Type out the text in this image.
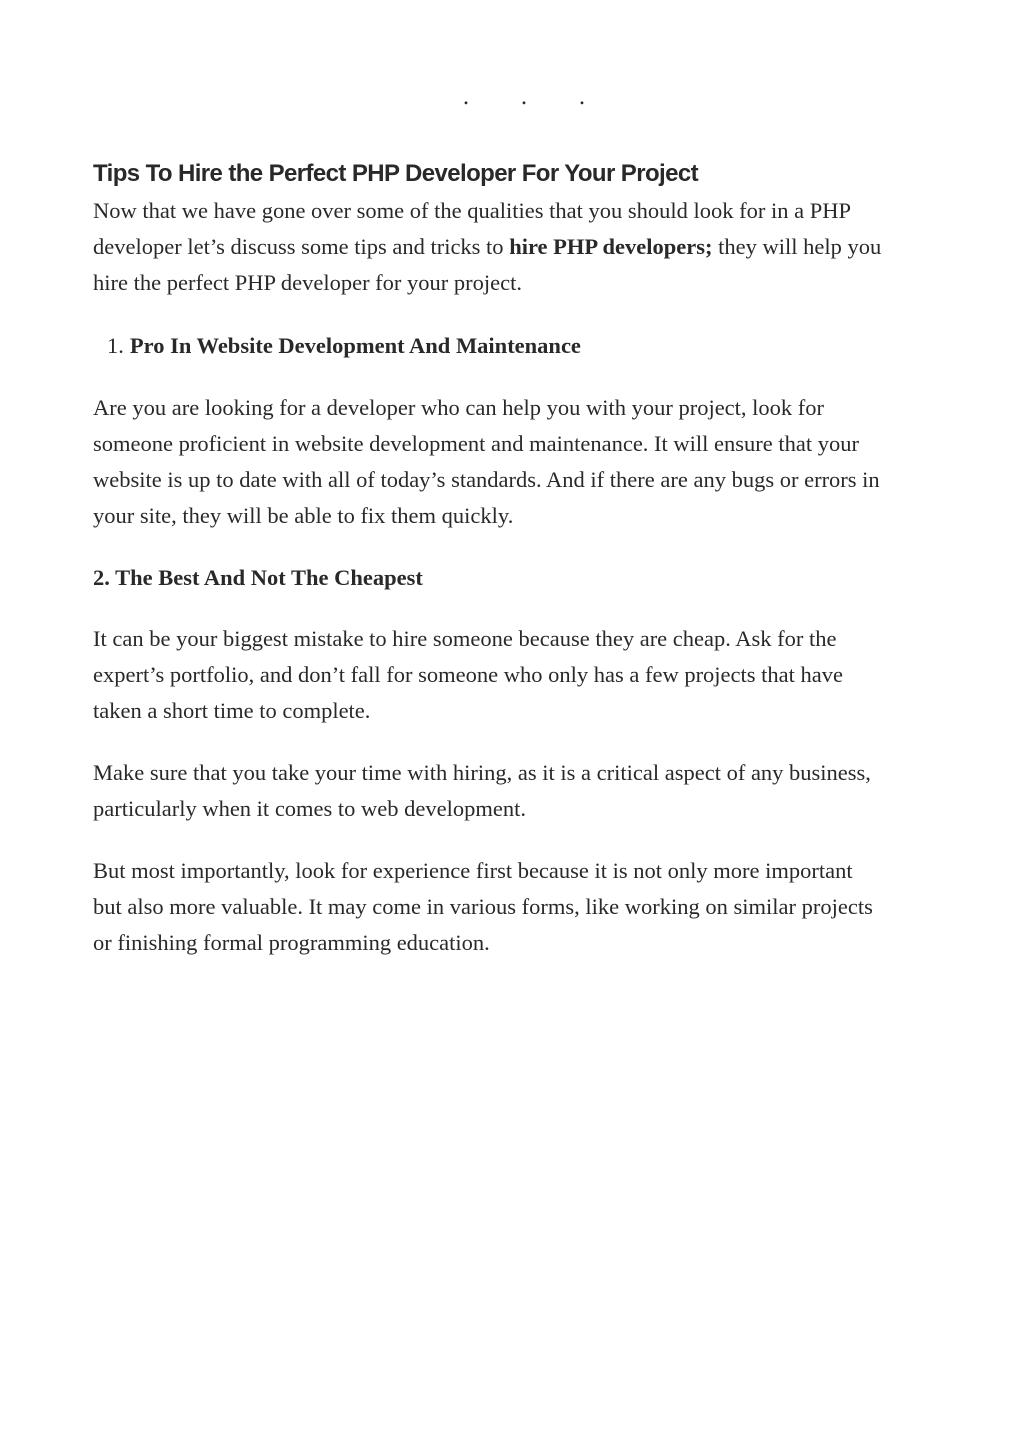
. . .
Tips To Hire the Perfect PHP Developer For Your Project

Now that we have gone over some of the qualities that you should look for in a PHP
developer let’s discuss some tips and tricks to hire PHP developers; they will help you
hire the perfect PHP developer for your project.

1. Pro In Website Development And Maintenance

Are you are looking for a developer who can help you with your project, look for
someone proficient in website development and maintenance. It will ensure that your
website is up to date with all of today’s standards. And if there are any bugs or errors in
your site, they will be able to fix them quickly.

2. The Best And Not The Cheapest

It can be your biggest mistake to hire someone because they are cheap. Ask for the
expert’s portfolio, and don’t fall for someone who only has a few projects that have
taken a short time to complete.

Make sure that you take your time with hiring, as it is a critical aspect of any business,
particularly when it comes to web development.

But most importantly, look for experience first because it is not only more important
but also more valuable. It may come in various forms, like working on similar projects
or finishing formal programming education.
